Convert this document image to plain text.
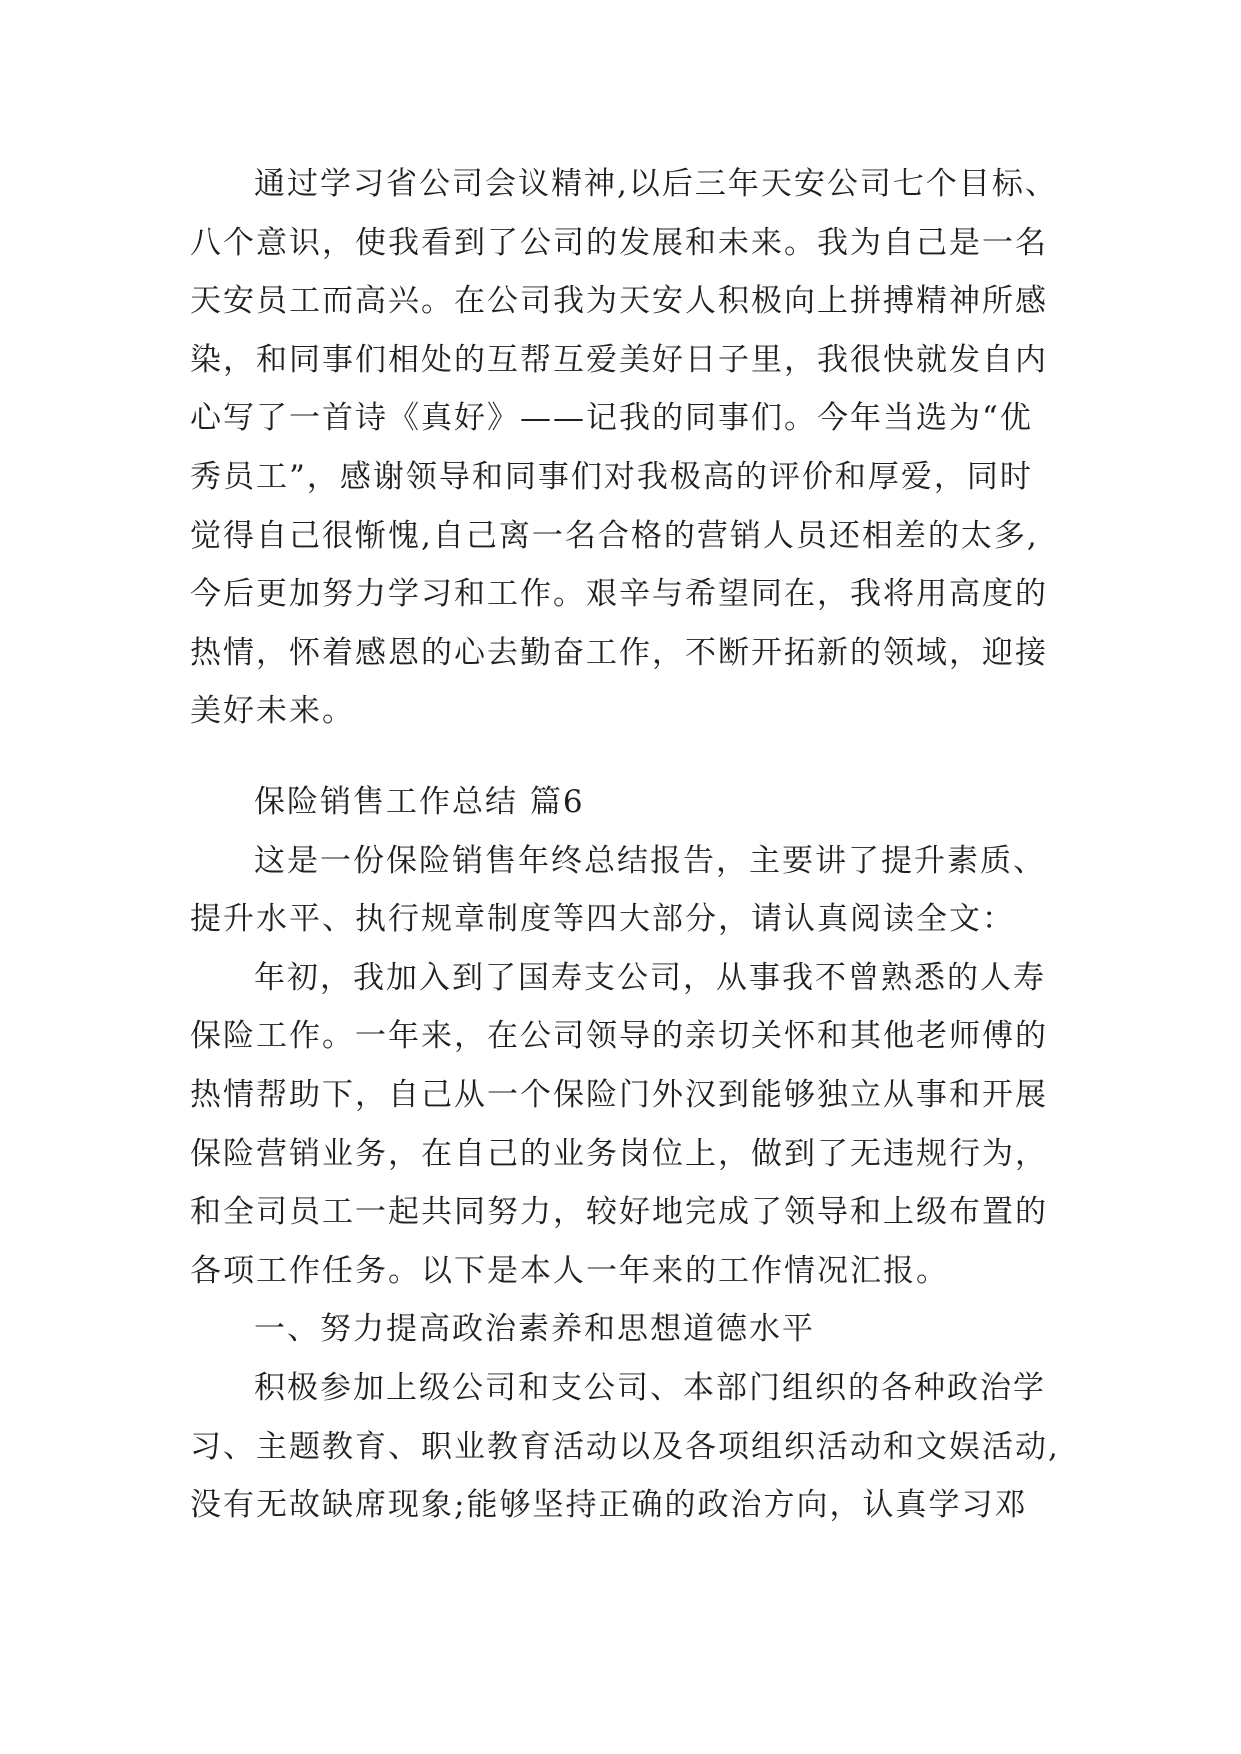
通过学习省公司会议精神,以后三年天安公司七个目标、
八个意识，使我看到了公司的发展和未来。我为自己是一名
天安员工而高兴。在公司我为天安人积极向上拼搏精神所感
染，和同事们相处的互帮互爱美好日子里，我很快就发自内
心写了一首诗《真好》——记我的同事们。今年当选为“优
秀员工”，感谢领导和同事们对我极高的评价和厚爱，同时
觉得自己很惭愧,自己离一名合格的营销人员还相差的太多,
今后更加努力学习和工作。艰辛与希望同在，我将用高度的
热情，怀着感恩的心去勤奋工作，不断开拓新的领域，迎接
美好未来。
保险销售工作总结 篇6
这是一份保险销售年终总结报告，主要讲了提升素质、
提升水平、执行规章制度等四大部分，请认真阅读全文：
年初，我加入到了国寿支公司，从事我不曾熟悉的人寿
保险工作。一年来，在公司领导的亲切关怀和其他老师傅的
热情帮助下，自己从一个保险门外汉到能够独立从事和开展
保险营销业务，在自己的业务岗位上，做到了无违规行为，
和全司员工一起共同努力，较好地完成了领导和上级布置的
各项工作任务。以下是本人一年来的工作情况汇报。
一、努力提高政治素养和思想道德水平
积极参加上级公司和支公司、本部门组织的各种政治学
习、主题教育、职业教育活动以及各项组织活动和文娱活动,
没有无故缺席现象;能够坚持正确的政治方向，认真学习邓
